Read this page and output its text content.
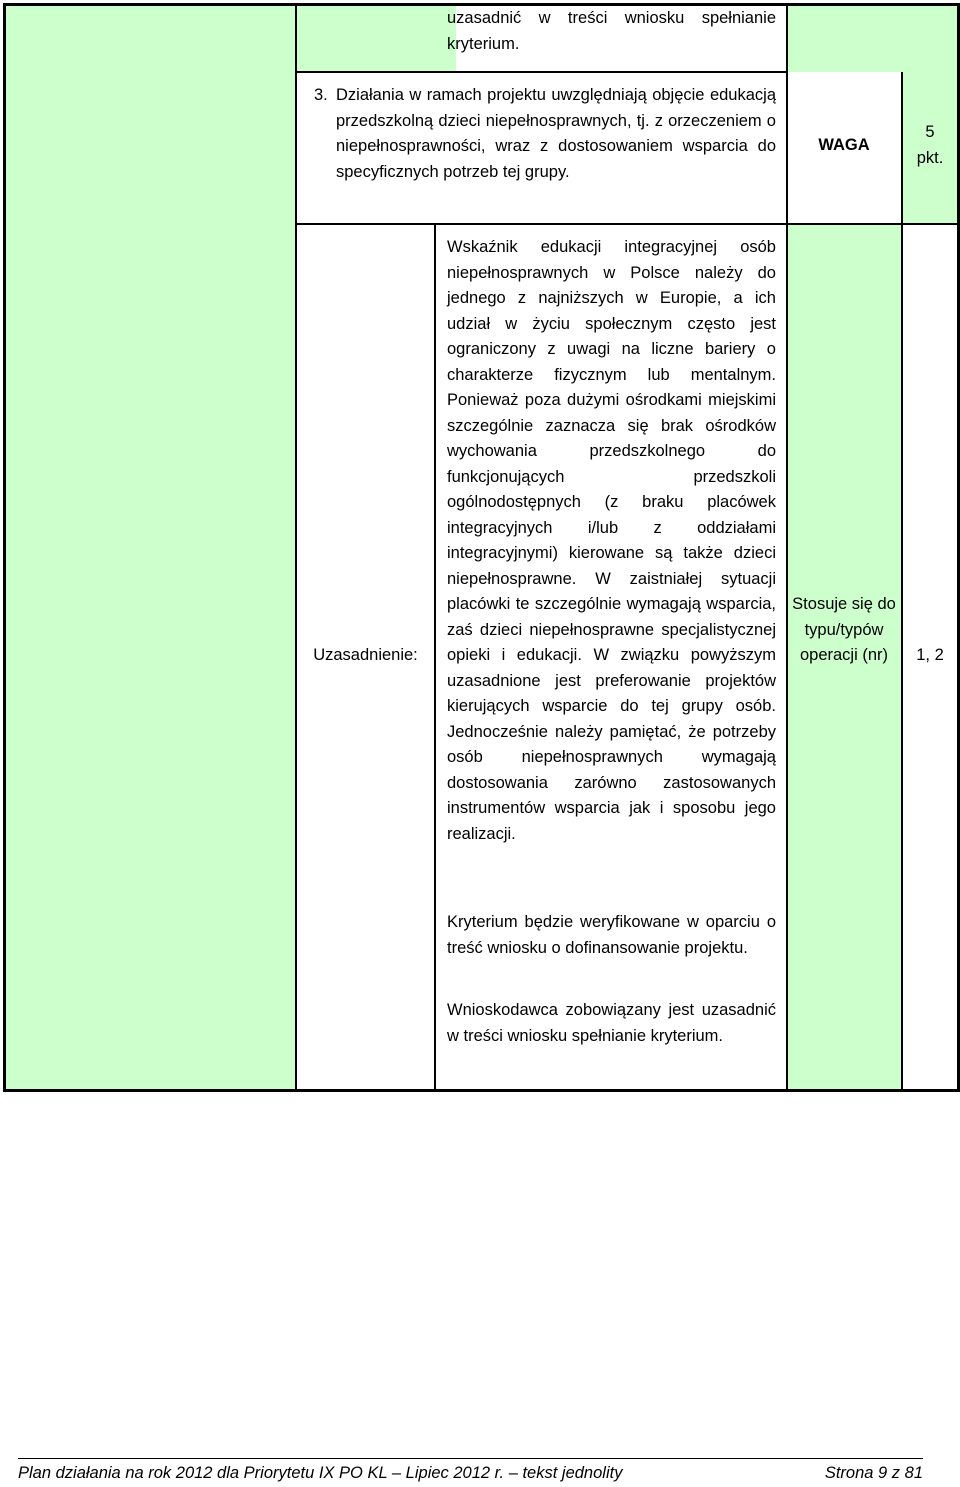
uzasadnić w treści wniosku spełnianie kryterium.
3. Działania w ramach projektu uwzględniają objęcie edukacją przedszkolną dzieci niepełnosprawnych, tj. z orzeczeniem o niepełnosprawności, wraz z dostosowaniem wsparcia do specyficznych potrzeb tej grupy.
WAGA
5
pkt.
Uzasadnienie:
Wskaźnik edukacji integracyjnej osób niepełnosprawnych w Polsce należy do jednego z najniższych w Europie, a ich udział w życiu społecznym często jest ograniczony z uwagi na liczne bariery o charakterze fizycznym lub mentalnym. Ponieważ poza dużymi ośrodkami miejskimi szczególnie zaznacza się brak ośrodków wychowania przedszkolnego do funkcjonujących przedszkoli ogólnodostępnych (z braku placówek integracyjnych i/lub z oddziałami integracyjnymi) kierowane są także dzieci niepełnosprawne. W zaistniałej sytuacji placówki te szczególnie wymagają wsparcia, zaś dzieci niepełnosprawne specjalistycznej opieki i edukacji. W związku powyższym uzasadnione jest preferowanie projektów kierujących wsparcie do tej grupy osób. Jednocześnie należy pamiętać, że potrzeby osób niepełnosprawnych wymagają dostosowania zarówno zastosowanych instrumentów wsparcia jak i sposobu jego realizacji.
Kryterium będzie weryfikowane w oparciu o treść wniosku o dofinansowanie projektu.
Wnioskodawca zobowiązany jest uzasadnić w treści wniosku spełnianie kryterium.
Stosuje się do typu/typów operacji (nr)	1, 2
Plan działania na rok 2012 dla Priorytetu IX PO KL – Lipiec 2012 r. – tekst jednolity	Strona 9 z 81
